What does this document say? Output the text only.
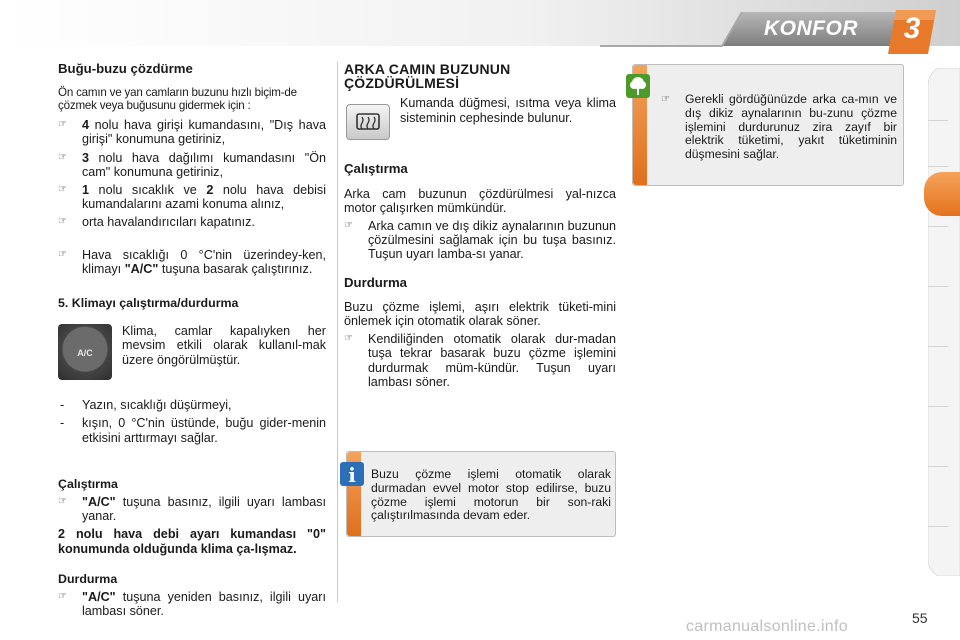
KONFOR	3
Buğu-buzu çözdürme
Ön camın ve yan camların buzunu hızlı biçim-de çözmek veya buğusunu gidermek için :
☞ 4 nolu hava girişi kumandasını, "Dış hava girişi" konumuna getiriniz,
☞ 3 nolu hava dağılımı kumandasını "Ön cam" konumuna getiriniz,
☞ 1 nolu sıcaklık ve 2 nolu hava debisi kumandalarını azami konuma alınız,
☞ orta havalandırıcıları kapatınız.
☞ Hava sıcaklığı 0 °C'nin üzerindey-ken, klimayı "A/C" tuşuna basarak çalıştırınız.
5. Klimayı çalıştırma/durdurma
A/C
Klima, camlar kapalıyken her mevsim etkili olarak kullanıl-mak üzere öngörülmüştür.
- Yazın, sıcaklığı düşürmeyi,
- kışın, 0 °C'nin üstünde, buğu gider-menin etkisini arttırmayı sağlar.
Çalıştırma
☞ "A/C" tuşuna basınız, ilgili uyarı lambası yanar.
2 nolu hava debi ayarı kumandası "0" konumunda olduğunda klima ça-lışmaz.
Durdurma
☞ "A/C" tuşuna yeniden basınız, ilgili uyarı lambası söner.
ARKA CAMIN BUZUNUN
ÇÖZDÜRÜLMESİ
Kumanda düğmesi, ısıtma veya klima sisteminin cephesinde bulunur.
Çalıştırma
Arka cam buzunun çözdürülmesi yal-nızca motor çalışırken mümkündür.
☞ Arka camın ve dış dikiz aynalarının buzunun çözülmesini sağlamak için bu tuşa basınız. Tuşun uyarı lamba-sı yanar.
Durdurma
Buzu çözme işlemi, aşırı elektrik tüketi-mini önlemek için otomatik olarak söner.
☞ Kendiliğinden otomatik olarak dur-madan tuşa tekrar basarak buzu çözme işlemini durdurmak müm-kündür. Tuşun uyarı lambası söner.
Buzu çözme işlemi otomatik olarak durmadan evvel motor stop edilirse, buzu çözme işlemi motorun bir son-raki çalıştırılmasında devam eder.
i
☞ Gerekli gördüğünüzde arka ca-mın ve dış dikiz aynalarının bu-zunu çözme işlemini durdurunuz zira zayıf bir elektrik tüketimi, yakıt tüketiminin düşmesini sağlar.
55
carmanualsonline.info
